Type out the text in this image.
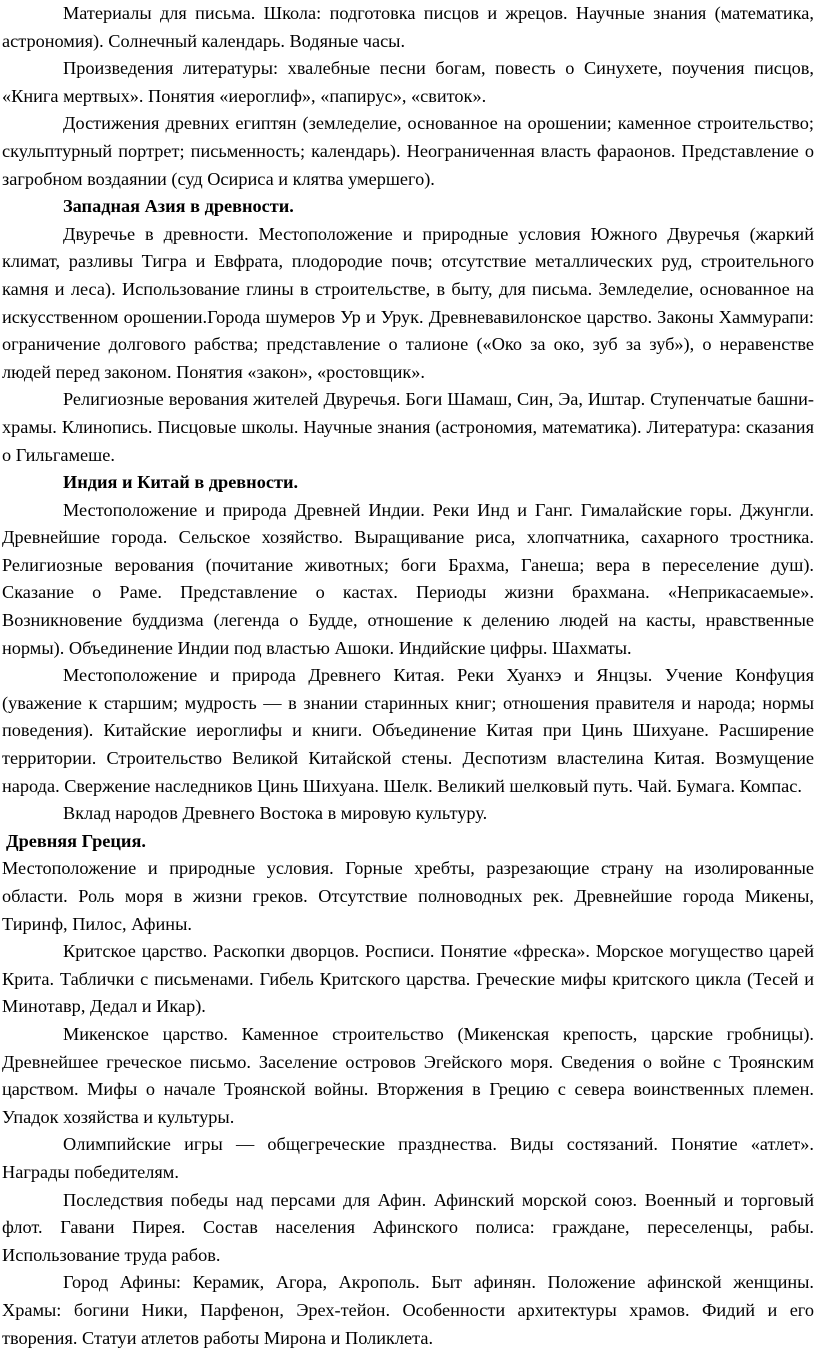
Материалы для письма. Школа: подготовка писцов и жрецов. Научные знания (математика, астрономия). Солнечный календарь. Водяные часы.

Произведения литературы: хвалебные песни богам, повесть о Синухете, поучения писцов, «Книга мертвых». Понятия «иероглиф», «папирус», «свиток».

Достижения древних египтян (земледелие, основанное на орошении; каменное строительство; скульптурный портрет; письменность; календарь). Неограниченная власть фараонов. Представление о загробном воздаянии (суд Осириса и клятва умершего).

Западная Азия в древности.

Двуречье в древности. Местоположение и природные условия Южного Двуречья (жаркий климат, разливы Тигра и Евфрата, плодородие почв; отсутствие металлических руд, строительного камня и леса). Использование глины в строительстве, в быту, для письма. Земледелие, основанное на искусственном орошении.Города шумеров Ур и Урук. Древневавилонское царство. Законы Хаммурапи: ограничение долгового рабства; представление о талионе («Око за око, зуб за зуб»), о неравенстве людей перед законом. Понятия «закон», «ростовщик».

Религиозные верования жителей Двуречья. Боги Шамаш, Син, Эа, Иштар. Ступенчатые башни-храмы. Клинопись. Писцовые школы. Научные знания (астрономия, математика). Литература: сказания о Гильгамеше.

Индия и Китай в древности.

Местоположение и природа Древней Индии. Реки Инд и Ганг. Гималайские горы. Джунгли. Древнейшие города. Сельское хозяйство. Выращивание риса, хлопчатника, сахарного тростника. Религиозные верования (почитание животных; боги Брахма, Ганеша; вера в переселение душ). Сказание о Раме. Представление о кастах. Периоды жизни брахмана. «Неприкасаемые». Возникновение буддизма (легенда о Будде, отношение к делению людей на касты, нравственные нормы). Объединение Индии под властью Ашоки. Индийские цифры. Шахматы.

Местоположение и природа Древнего Китая. Реки Хуанхэ и Янцзы. Учение Конфуция (уважение к старшим; мудрость — в знании старинных книг; отношения правителя и народа; нормы поведения). Китайские иероглифы и книги. Объединение Китая при Цинь Шихуане. Расширение территории. Строительство Великой Китайской стены. Деспотизм властелина Китая. Возмущение народа. Свержение наследников Цинь Шихуана. Шелк. Великий шелковый путь. Чай. Бумага. Компас.

Вклад народов Древнего Востока в мировую культуру.

Древняя Греция.

Местоположение и природные условия. Горные хребты, разрезающие страну на изолированные области. Роль моря в жизни греков. Отсутствие полноводных рек. Древнейшие города Микены, Тиринф, Пилос, Афины.

Критское царство. Раскопки дворцов. Росписи. Понятие «фреска». Морское могущество царей Крита. Таблички с письменами. Гибель Критского царства. Греческие мифы критского цикла (Тесей и Минотавр, Дедал и Икар).

Микенское царство. Каменное строительство (Микенская крепость, царские гробницы). Древнейшее греческое письмо. Заселение островов Эгейского моря. Сведения о войне с Троянским царством. Мифы о начале Троянской войны. Вторжения в Грецию с севера воинственных племен. Упадок хозяйства и культуры.

Олимпийские игры — общегреческие празднества. Виды состязаний. Понятие «атлет». Награды победителям.

Последствия победы над персами для Афин. Афинский морской союз. Военный и торговый флот. Гавани Пирея. Состав населения Афинского полиса: граждане, переселенцы, рабы. Использование труда рабов.

Город Афины: Керамик, Агора, Акрополь. Быт афинян. Положение афинской женщины. Храмы: богини Ники, Парфенон, Эрех-тейон. Особенности архитектуры храмов. Фидий и его творения. Статуи атлетов работы Мирона и Поликлета.
